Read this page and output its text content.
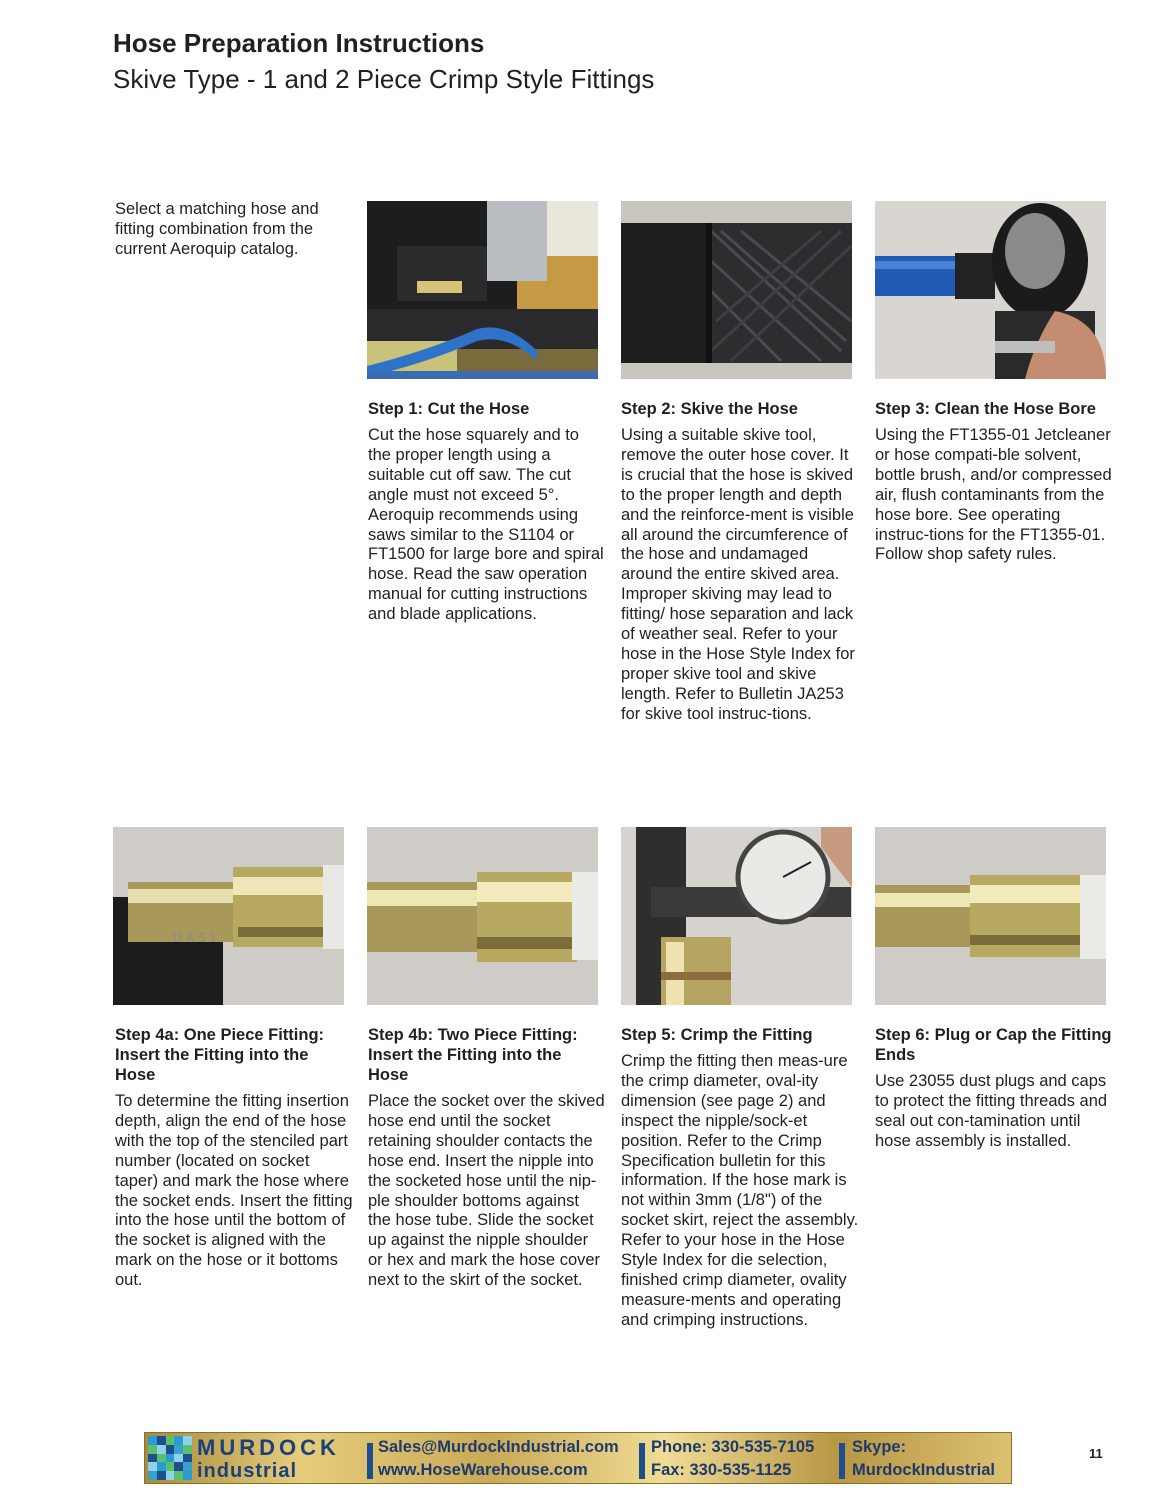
Hose Preparation Instructions
Skive Type - 1 and 2 Piece Crimp Style Fittings
Select a matching hose and fitting combination from the current Aeroquip catalog.

Step 1: Cut the Hose

Cut the hose squarely and to the proper length using a suitable cut off saw. The cut angle must not exceed 5°. Aeroquip recommends using saws similar to the S1104 or FT1500 for large bore and spiral hose. Read the saw operation manual for cutting instructions and blade applications.

Step 2: Skive the Hose

Using a suitable skive tool, remove the outer hose cover. It is crucial that the hose is skived to the proper length and depth and the reinforce-ment is visible all around the circumference of the hose and undamaged around the entire skived area. Improper skiving may lead to fitting/ hose separation and lack of weather seal. Refer to your hose in the Hose Style Index for proper skive tool and skive length. Refer to Bulletin JA253 for skive tool instruc-tions.

Step 3: Clean the Hose Bore

Using the FT1355-01 Jetcleaner or hose compati-ble solvent, bottle brush, and/or compressed air, flush contaminants from the hose bore. See operating instruc-tions for the FT1355-01. Follow shop safety rules.

D A S 1

Step 4a: One Piece Fitting: Insert the Fitting into the Hose

To determine the fitting insertion depth, align the end of the hose with the top of the stenciled part number (located on socket taper) and mark the hose where the socket ends. Insert the fitting into the hose until the bottom of the socket is aligned with the mark on the hose or it bottoms out.

Step 4b: Two Piece Fitting: Insert the Fitting into the Hose

Place the socket over the skived hose end until the socket retaining shoulder contacts the hose end. Insert the nipple into the socketed hose until the nip-ple shoulder bottoms against the hose tube. Slide the socket up against the nipple shoulder or hex and mark the hose cover next to the skirt of the socket.

Step 5: Crimp the Fitting

Crimp the fitting then meas-ure the crimp diameter, oval-ity dimension (see page 2) and inspect the nipple/sock-et position. Refer to the Crimp Specification bulletin for this information. If the hose mark is not within 3mm (1/8") of the socket skirt, reject the assembly. Refer to your hose in the Hose Style Index for die selection, finished crimp diameter, ovality measure-ments and operating and crimping instructions.

Step 6: Plug or Cap the Fitting Ends

Use 23055 dust plugs and caps to protect the fitting threads and seal out con-tamination until hose assembly is installed.

MURDOCK
industrial
Sales@MurdockIndustrial.com
www.HoseWarehouse.com
Phone: 330-535-7105
Fax: 330-535-1125
Skype:
MurdockIndustrial
11
